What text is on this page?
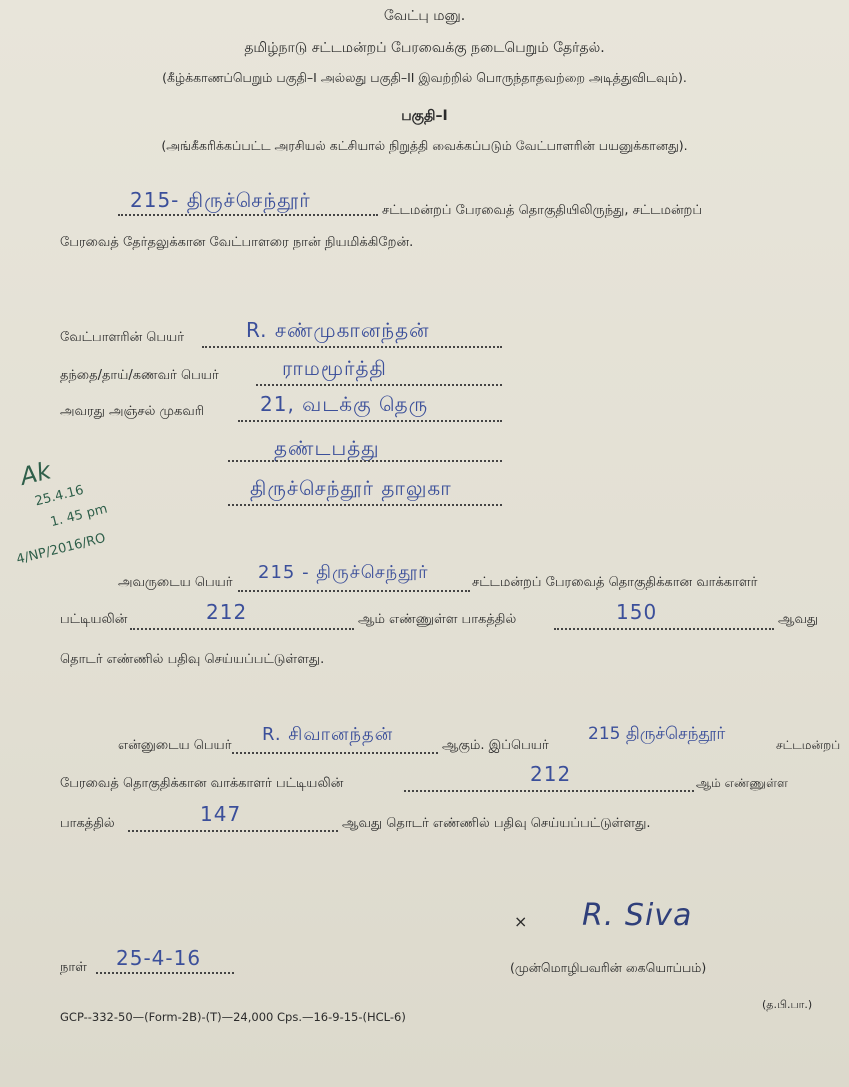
வேட்பு மனு.
தமிழ்நாடு சட்டமன்றப் பேரவைக்கு நடைபெறும் தேர்தல்.
(கீழ்க்காணப்பெறும் பகுதி–I அல்லது பகுதி–II இவற்றில் பொருந்தாதவற்றை அடித்துவிடவும்).
பகுதி–I
(அங்கீகரிக்கப்பட்ட அரசியல் கட்சியால் நிறுத்தி வைக்கப்படும் வேட்பாளரின் பயனுக்கானது).
215- திருச்செந்தூர்	சட்டமன்றப் பேரவைத் தொகுதியிலிருந்து, சட்டமன்றப்
பேரவைத் தேர்தலுக்கான வேட்பாளரை நான் நியமிக்கிறேன்.
வேட்பாளரின் பெயர்	R. சண்முகானந்தன்
தந்தை/தாய்/கணவர் பெயர்	ராமமூர்த்தி
அவரது அஞ்சல் முகவரி	21, வடக்கு தெரு
தண்டபத்து
திருச்செந்தூர் தாலுகா
Ak
25.4.16
1. 45 pm
4/NP/2016/RO
அவருடைய பெயர் 215 - திருச்செந்தூர்	சட்டமன்றப் பேரவைத் தொகுதிக்கான வாக்காளர்
பட்டியலின்	212	ஆம் எண்ணுள்ள பாகத்தில்	150	ஆவது
தொடர் எண்ணில் பதிவு செய்யப்பட்டுள்ளது.
என்னுடைய பெயர்
R. சிவானந்தன்
ஆகும். இப்பெயர்
215 திருச்செந்தூர்
சட்டமன்றப்
பேரவைத் தொகுதிக்கான வாக்காளர் பட்டியலின்	212	ஆம் எண்ணுள்ள
பாகத்தில்	147	ஆவது தொடர் எண்ணில் பதிவு செய்யப்பட்டுள்ளது.
× R. Siva
நாள் 25-4-16	(முன்மொழிபவரின் கையொப்பம்)
(த.பி.பா.)
GCP--332-50—(Form-2B)-(T)—24,000 Cps.—16-9-15-(HCL-6)
